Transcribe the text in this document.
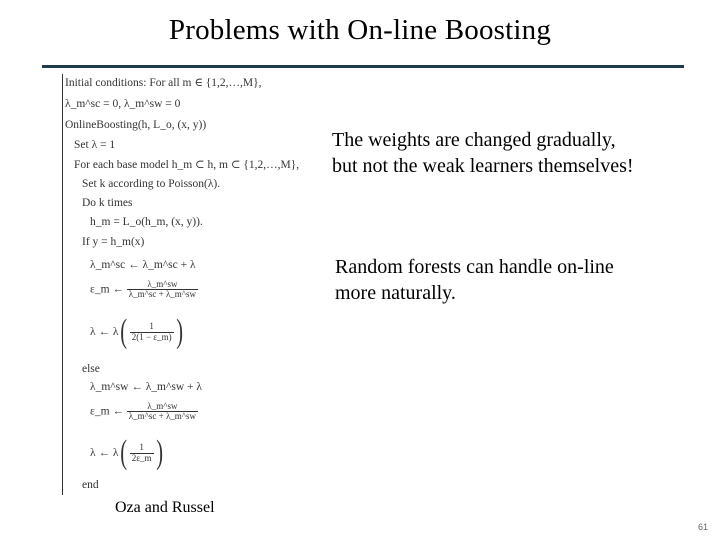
Problems with On-line Boosting
Initial conditions: For all m ∈ {1,2,…,M},
λ_m^sc = 0, λ_m^sw = 0
OnlineBoosting(h, L_o, (x, y))
Set λ = 1
For each base model h_m ⊂ h, m ⊂ {1,2,…,M},
Set k according to Poisson(λ).
Do k times
h_m = L_o(h_m, (x, y)).
If y = h_m(x)
λ_m^sc ← λ_m^sc + λ
ε_m ← $\frac{\lambda\_m\^{}sw}{\lambda\_m\^{}sc + \lambda\_m\^{}sw}$
λ ← $\lambda( \frac{1}{2(1 - \varepsilon\_m)}$ )
else
λ_m^sw ← λ_m^sw + λ
ε_m ← $\frac{\lambda\_m\^{}sw}{\lambda\_m\^{}sc + \lambda\_m\^{}sw}$
λ ← $\lambda( \frac{1}{2\varepsilon\_m}$ )
end
The weights are changed gradually,
but not the weak learners themselves!
Random forests can handle on-line
more naturally.
Oza and Russel
61
